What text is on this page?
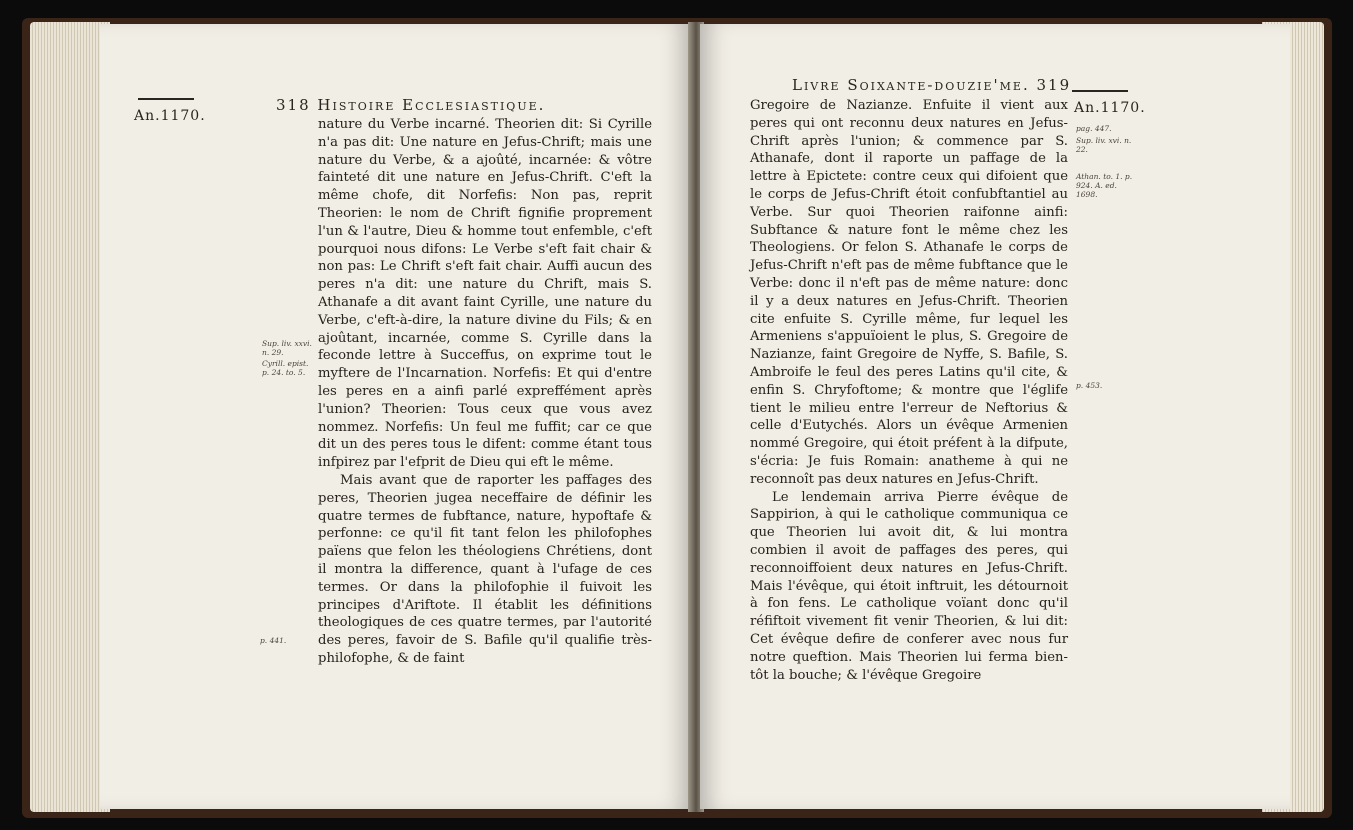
An.1170.
318 Histoire Ecclesiastique.
Sup. liv. xxvi. n. 29.
Cyrill. epist. p. 24. to. 5.
p. 441.

nature du Verbe incarné. Theorien dit: Si Cyrille n'a pas dit: Une nature en Jefus-Chrift; mais une nature du Verbe, & a ajoûté, incarnée: & vôtre fainteté dit une nature en Jefus-Chrift. C'eft la même chofe, dit Norfefis: Non pas, reprit Theorien: le nom de Chrift fignifie proprement l'un & l'autre, Dieu & homme tout enfemble, c'eft pourquoi nous difons: Le Verbe s'eft fait chair & non pas: Le Chrift s'eft fait chair. Auffi aucun des peres n'a dit: une nature du Chrift, mais S. Athanafe a dit avant faint Cyrille, une nature du Verbe, c'eft-à-dire, la nature divine du Fils; & en ajoûtant, incarnée, comme S. Cyrille dans la feconde lettre à Succeffus, on exprime tout le myftere de l'Incarnation. Norfefis: Et qui d'entre les peres en a ainfi parlé expreffément après l'union? Theorien: Tous ceux que vous avez nommez. Norfefis: Un feul me fuffit; car ce que dit un des peres tous le difent: comme étant tous infpirez par l'efprit de Dieu qui eft le même.

Mais avant que de raporter les paffages des peres, Theorien jugea neceffaire de définir les quatre termes de fubftance, nature, hypoftafe & perfonne: ce qu'il fit tant felon les philofophes païens que felon les théologiens Chrétiens, dont il montra la difference, quant à l'ufage de ces termes. Or dans la philofophie il fuivoit les principes d'Ariftote. Il établit les définitions theologiques de ces quatre termes, par l'autorité des peres, favoir de S. Bafile qu'il qualifie très-philofophe, & de faint

Livre Soixante-douzie'me. 319
An.1170.
pag. 447.
Sup. liv. xvi. n. 22.
Athan. to. 1. p. 924. A. ed. 1698.
p. 453.

Gregoire de Nazianze. Enfuite il vient aux peres qui ont reconnu deux natures en Jefus-Chrift après l'union; & commence par S. Athanafe, dont il raporte un paffage de la lettre à Epictete: contre ceux qui difoient que le corps de Jefus-Chrift étoit confubftantiel au Verbe. Sur quoi Theorien raifonne ainfi: Subftance & nature font le même chez les Theologiens. Or felon S. Athanafe le corps de Jefus-Chrift n'eft pas de même fubftance que le Verbe: donc il n'eft pas de même nature: donc il y a deux natures en Jefus-Chrift. Theorien cite enfuite S. Cyrille même, fur lequel les Armeniens s'appuïoient le plus, S. Gregoire de Nazianze, faint Gregoire de Nyffe, S. Bafile, S. Ambroife le feul des peres Latins qu'il cite, & enfin S. Chryfoftome; & montre que l'églife tient le milieu entre l'erreur de Neftorius & celle d'Eutychés. Alors un évêque Armenien nommé Gregoire, qui étoit préfent à la difpute, s'écria: Je fuis Romain: anatheme à qui ne reconnoît pas deux natures en Jefus-Chrift.

Le lendemain arriva Pierre évêque de Sappirion, à qui le catholique communiqua ce que Theorien lui avoit dit, & lui montra combien il avoit de paffages des peres, qui reconnoiffoient deux natures en Jefus-Chrift. Mais l'évêque, qui étoit inftruit, les détournoit à fon fens. Le catholique voïant donc qu'il réfiftoit vivement fit venir Theorien, & lui dit: Cet évêque defire de conferer avec nous fur notre queftion. Mais Theorien lui ferma bien-tôt la bouche; & l'évêque Gregoire
